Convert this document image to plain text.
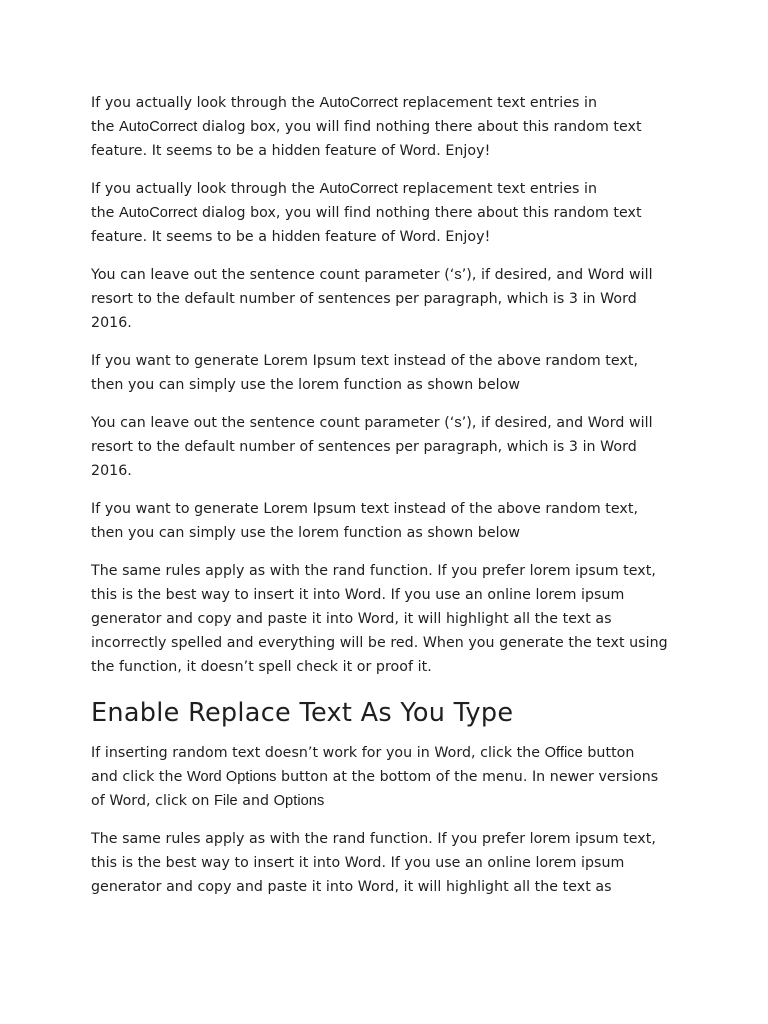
If you actually look through the AutoCorrect replacement text entries in
the AutoCorrect dialog box, you will find nothing there about this random text
feature. It seems to be a hidden feature of Word. Enjoy!

If you actually look through the AutoCorrect replacement text entries in
the AutoCorrect dialog box, you will find nothing there about this random text
feature. It seems to be a hidden feature of Word. Enjoy!

You can leave out the sentence count parameter (‘s’), if desired, and Word will
resort to the default number of sentences per paragraph, which is 3 in Word
2016.

If you want to generate Lorem Ipsum text instead of the above random text,
then you can simply use the lorem function as shown below

You can leave out the sentence count parameter (‘s’), if desired, and Word will
resort to the default number of sentences per paragraph, which is 3 in Word
2016.

If you want to generate Lorem Ipsum text instead of the above random text,
then you can simply use the lorem function as shown below

The same rules apply as with the rand function. If you prefer lorem ipsum text,
this is the best way to insert it into Word. If you use an online lorem ipsum
generator and copy and paste it into Word, it will highlight all the text as
incorrectly spelled and everything will be red. When you generate the text using
the function, it doesn’t spell check it or proof it.

Enable Replace Text As You Type

If inserting random text doesn’t work for you in Word, click the Office button
and click the Word Options button at the bottom of the menu. In newer versions
of Word, click on File and Options

The same rules apply as with the rand function. If you prefer lorem ipsum text,
this is the best way to insert it into Word. If you use an online lorem ipsum
generator and copy and paste it into Word, it will highlight all the text as
